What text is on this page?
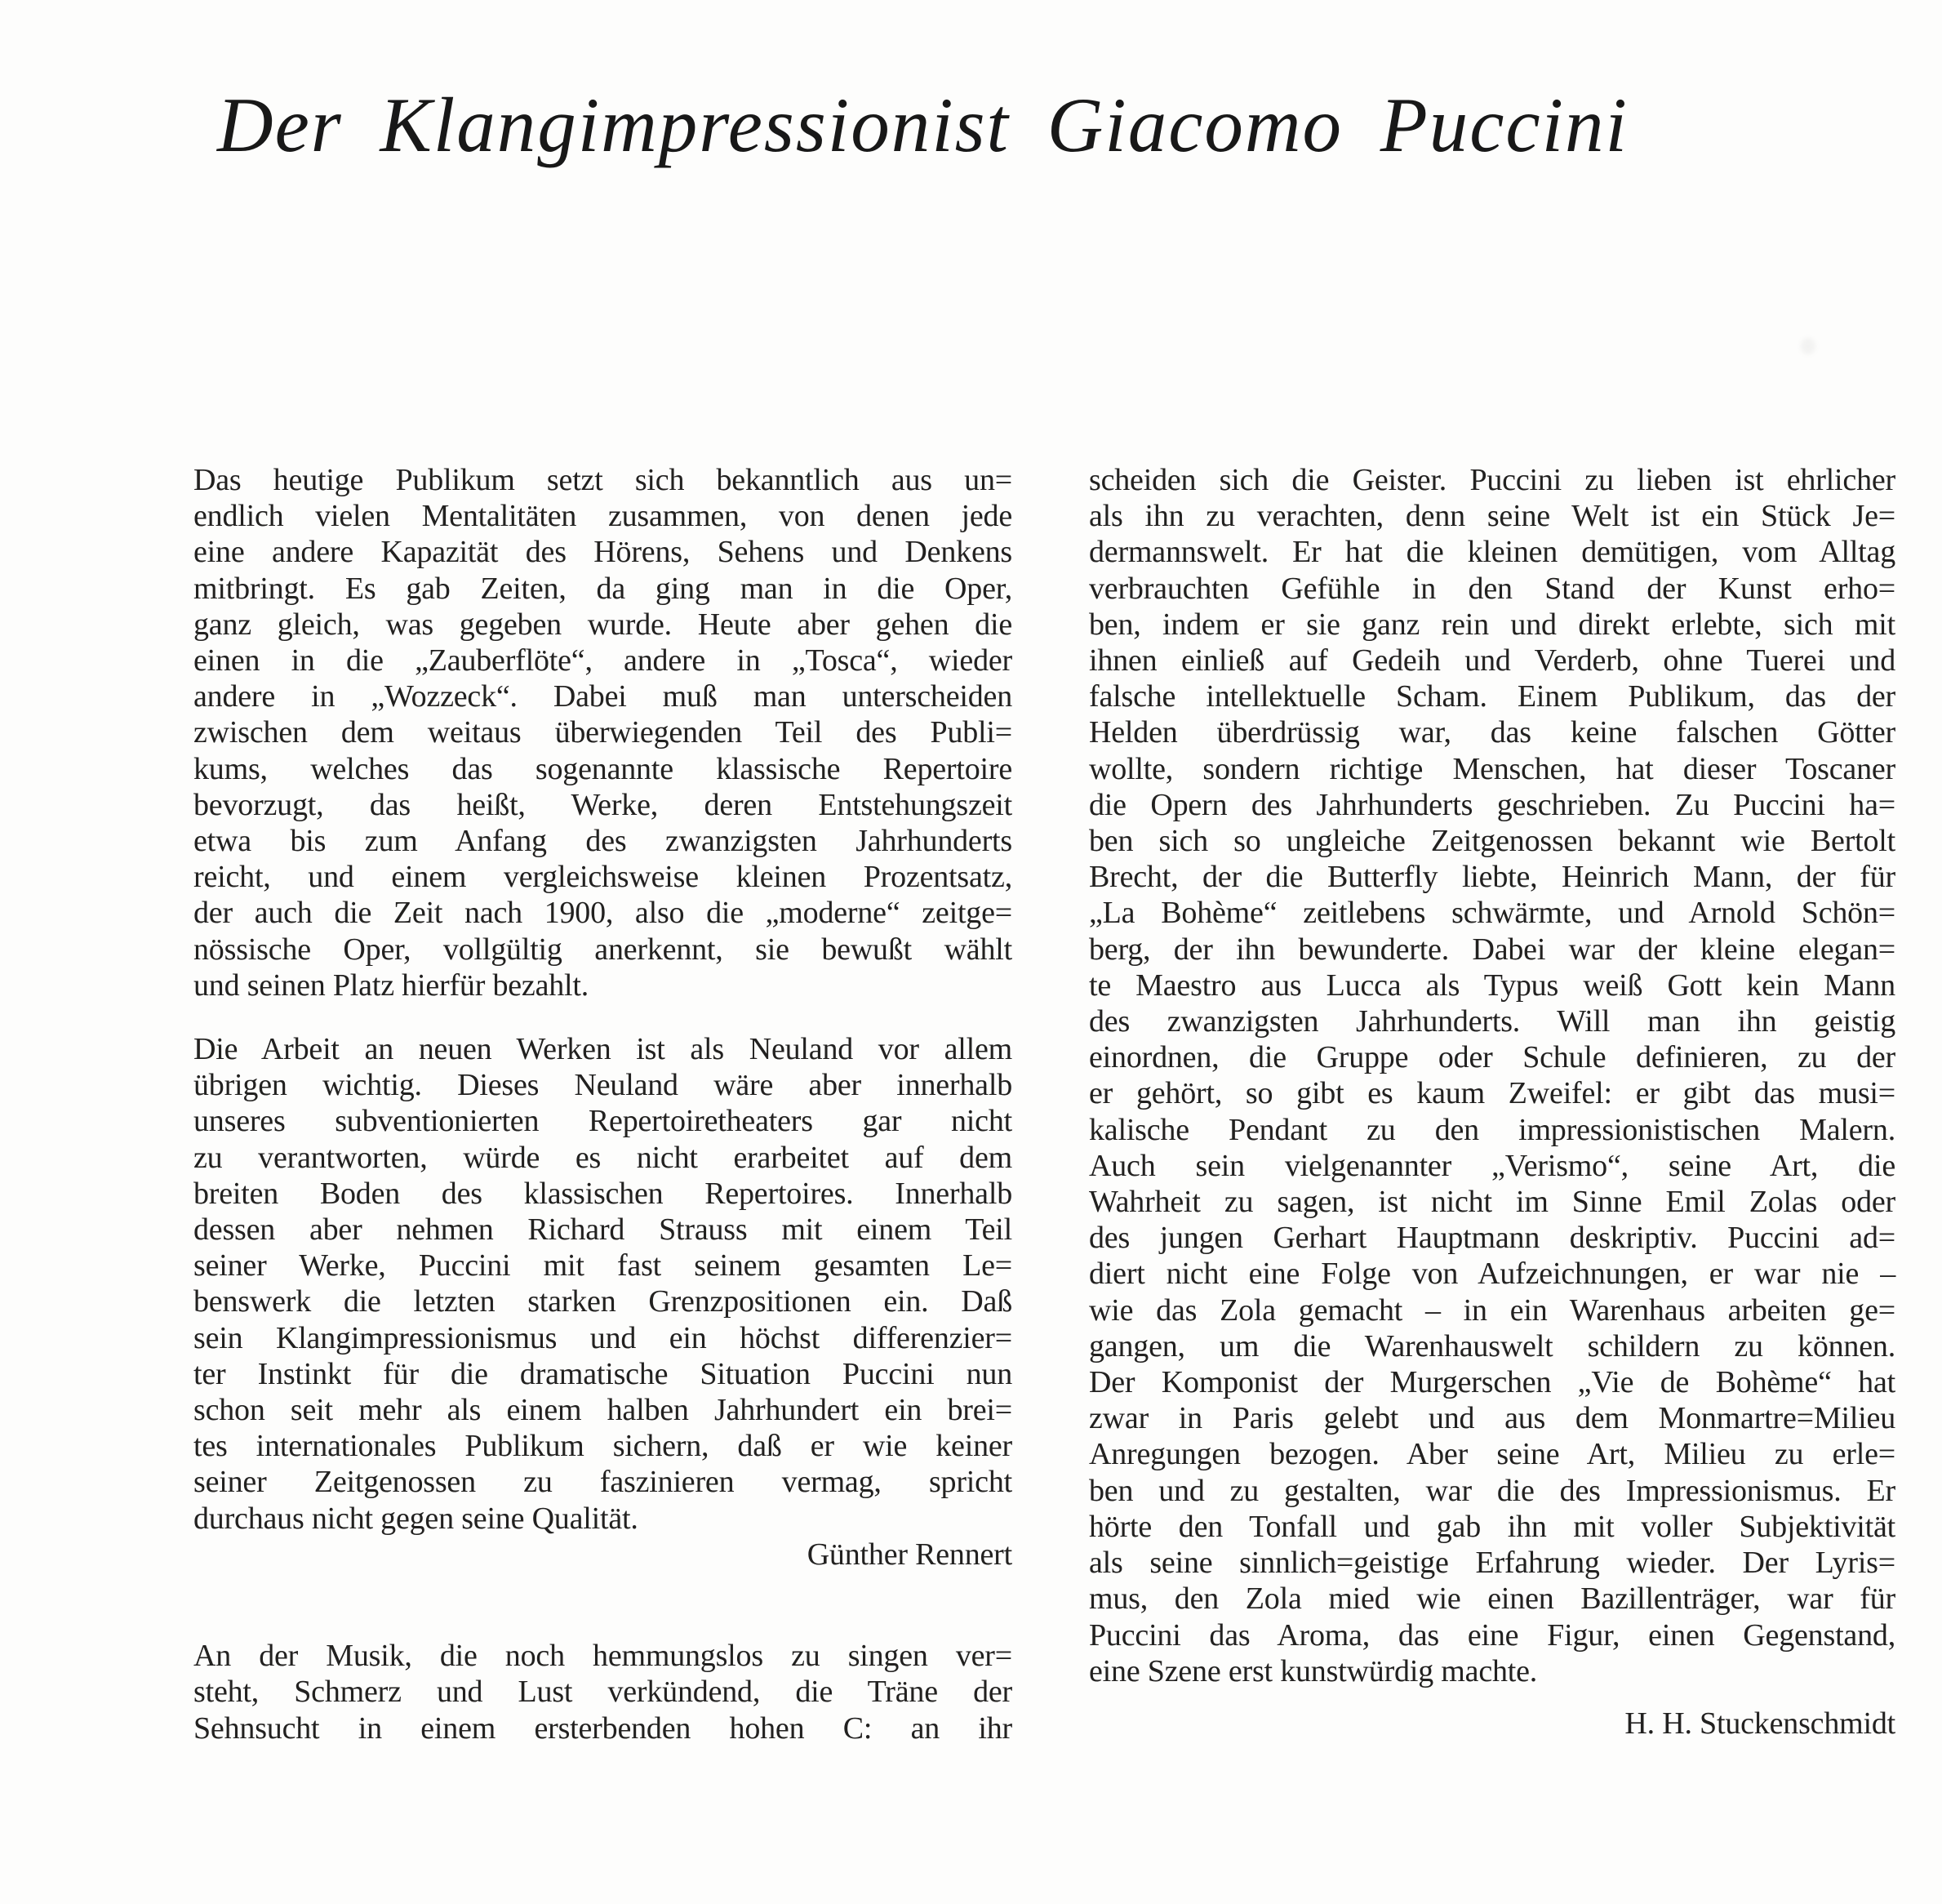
Der Klangimpressionist Giacomo Puccini
Das heutige Publikum setzt sich bekanntlich aus un=
endlich vielen Mentalitäten zusammen, von denen jede
eine andere Kapazität des Hörens, Sehens und Denkens
mitbringt. Es gab Zeiten, da ging man in die Oper,
ganz gleich, was gegeben wurde. Heute aber gehen die
einen in die „Zauberflöte“, andere in „Tosca“, wieder
andere in „Wozzeck“. Dabei muß man unterscheiden
zwischen dem weitaus überwiegenden Teil des Publi=
kums, welches das sogenannte klassische Repertoire
bevorzugt, das heißt, Werke, deren Entstehungszeit
etwa bis zum Anfang des zwanzigsten Jahrhunderts
reicht, und einem vergleichsweise kleinen Prozentsatz,
der auch die Zeit nach 1900, also die „moderne“ zeitge=
nössische Oper, vollgültig anerkennt, sie bewußt wählt
und seinen Platz hierfür bezahlt.
Die Arbeit an neuen Werken ist als Neuland vor allem
übrigen wichtig. Dieses Neuland wäre aber innerhalb
unseres subventionierten Repertoiretheaters gar nicht
zu verantworten, würde es nicht erarbeitet auf dem
breiten Boden des klassischen Repertoires. Innerhalb
dessen aber nehmen Richard Strauss mit einem Teil
seiner Werke, Puccini mit fast seinem gesamten Le=
benswerk die letzten starken Grenzpositionen ein. Daß
sein Klangimpressionismus und ein höchst differenzier=
ter Instinkt für die dramatische Situation Puccini nun
schon seit mehr als einem halben Jahrhundert ein brei=
tes internationales Publikum sichern, daß er wie keiner
seiner Zeitgenossen zu faszinieren vermag, spricht
durchaus nicht gegen seine Qualität.
Günther Rennert
An der Musik, die noch hemmungslos zu singen ver=
steht, Schmerz und Lust verkündend, die Träne der
Sehnsucht in einem ersterbenden hohen C: an ihr
scheiden sich die Geister. Puccini zu lieben ist ehrlicher
als ihn zu verachten, denn seine Welt ist ein Stück Je=
dermannswelt. Er hat die kleinen demütigen, vom Alltag
verbrauchten Gefühle in den Stand der Kunst erho=
ben, indem er sie ganz rein und direkt erlebte, sich mit
ihnen einließ auf Gedeih und Verderb, ohne Tuerei und
falsche intellektuelle Scham. Einem Publikum, das der
Helden überdrüssig war, das keine falschen Götter
wollte, sondern richtige Menschen, hat dieser Toscaner
die Opern des Jahrhunderts geschrieben. Zu Puccini ha=
ben sich so ungleiche Zeitgenossen bekannt wie Bertolt
Brecht, der die Butterfly liebte, Heinrich Mann, der für
„La Bohème“ zeitlebens schwärmte, und Arnold Schön=
berg, der ihn bewunderte. Dabei war der kleine elegan=
te Maestro aus Lucca als Typus weiß Gott kein Mann
des zwanzigsten Jahrhunderts. Will man ihn geistig
einordnen, die Gruppe oder Schule definieren, zu der
er gehört, so gibt es kaum Zweifel: er gibt das musi=
kalische Pendant zu den impressionistischen Malern.
Auch sein vielgenannter „Verismo“, seine Art, die
Wahrheit zu sagen, ist nicht im Sinne Emil Zolas oder
des jungen Gerhart Hauptmann deskriptiv. Puccini ad=
diert nicht eine Folge von Aufzeichnungen, er war nie –
wie das Zola gemacht – in ein Warenhaus arbeiten ge=
gangen, um die Warenhauswelt schildern zu können.
Der Komponist der Murgerschen „Vie de Bohème“ hat
zwar in Paris gelebt und aus dem Monmartre=Milieu
Anregungen bezogen. Aber seine Art, Milieu zu erle=
ben und zu gestalten, war die des Impressionismus. Er
hörte den Tonfall und gab ihn mit voller Subjektivität
als seine sinnlich=geistige Erfahrung wieder. Der Lyris=
mus, den Zola mied wie einen Bazillenträger, war für
Puccini das Aroma, das eine Figur, einen Gegenstand,
eine Szene erst kunstwürdig machte.
H. H. Stuckenschmidt
